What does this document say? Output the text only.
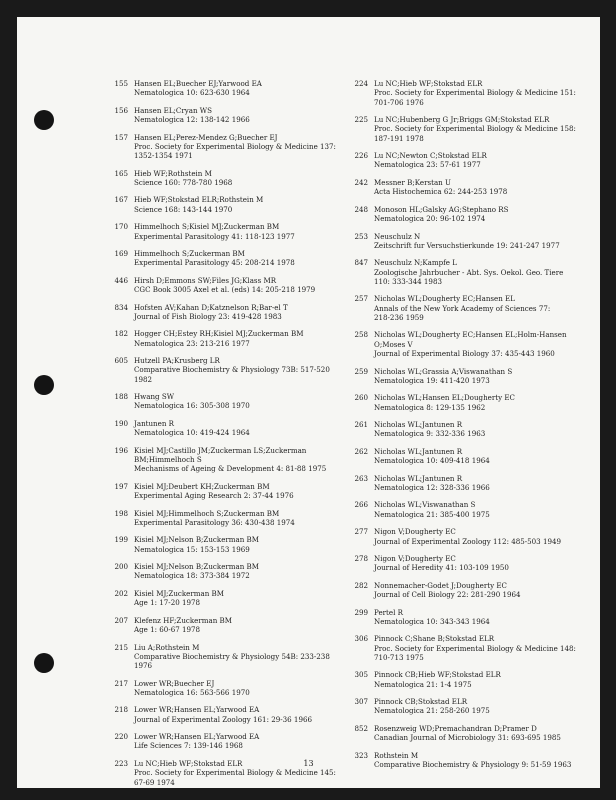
155 Hansen EL;Buecher EJ;Yarwood EA
Nematologica 10: 623-630 1964
156 Hansen EL;Cryan WS
Nematologica 12: 138-142 1966
157 Hansen EL;Perez-Mendez G;Buecher EJ
Proc. Society for Experimental Biology & Medicine 137:
1352-1354 1971
165 Hieb WF;Rothstein M
Science 160: 778-780 1968
167 Hieb WF;Stokstad ELR;Rothstein M
Science 168: 143-144 1970
170 Himmelhoch S;Kisiel MJ;Zuckerman BM
Experimental Parasitology 41: 118-123 1977
169 Himmelhoch S;Zuckerman BM
Experimental Parasitology 45: 208-214 1978
446 Hirsh D;Emmons SW;Files JG;Klass MR
CGC Book 3005 Axel et al. (eds) 14: 205-218 1979
834 Hofsten AV;Kahan D;Katznelson R;Bar-el T
Journal of Fish Biology 23: 419-428 1983
182 Hogger CH;Estey RH;Kisiel MJ;Zuckerman BM
Nematologica 23: 213-216 1977
605 Hutzell PA;Krusberg LR
Comparative Biochemistry & Physiology 73B: 517-520
1982
188 Hwang SW
Nematologica 16: 305-308 1970
190 Jantunen R
Nematologica 10: 419-424 1964
196 Kisiel MJ;Castillo JM;Zuckerman LS;Zuckerman
BM;Himmelhoch S
Mechanisms of Ageing & Development 4: 81-88 1975
197 Kisiel MJ;Deubert KH;Zuckerman BM
Experimental Aging Research 2: 37-44 1976
198 Kisiel MJ;Himmelhoch S;Zuckerman BM
Experimental Parasitology 36: 430-438 1974
199 Kisiel MJ;Nelson B;Zuckerman BM
Nematologica 15: 153-153 1969
200 Kisiel MJ;Nelson B;Zuckerman BM
Nematologica 18: 373-384 1972
202 Kisiel MJ;Zuckerman BM
Age 1: 17-20 1978
207 Klefenz HF;Zuckerman BM
Age 1: 60-67 1978
215 Liu A;Rothstein M
Comparative Biochemistry & Physiology 54B: 233-238
1976
217 Lower WR;Buecher EJ
Nematologica 16: 563-566 1970
218 Lower WR;Hansen EL;Yarwood EA
Journal of Experimental Zoology 161: 29-36 1966
220 Lower WR;Hansen EL;Yarwood EA
Life Sciences 7: 139-146 1968
223 Lu NC;Hieb WF;Stokstad ELR
Proc. Society for Experimental Biology & Medicine 145:
67-69 1974
224 Lu NC;Hieb WF;Stokstad ELR
Proc. Society for Experimental Biology & Medicine 151:
701-706 1976
225 Lu NC;Hubenberg G Jr;Briggs GM;Stokstad ELR
Proc. Society for Experimental Biology & Medicine 158:
187-191 1978
226 Lu NC;Newton C;Stokstad ELR
Nematologica 23: 57-61 1977
242 Messner B;Kerstan U
Acta Histochemica 62: 244-253 1978
248 Monoson HL;Galsky AG;Stephano RS
Nematologica 20: 96-102 1974
253 Neuschulz N
Zeitschrift fur Versuchstierkunde 19: 241-247 1977
847 Neuschulz N;Kampfe L
Zoologische Jahrbucher - Abt. Sys. Oekol. Geo. Tiere
110: 333-344 1983
257 Nicholas WL;Dougherty EC;Hansen EL
Annals of the New York Academy of Sciences 77:
218-236 1959
258 Nicholas WL;Dougherty EC;Hansen EL;Holm-Hansen
O;Moses V
Journal of Experimental Biology 37: 435-443 1960
259 Nicholas WL;Grassia A;Viswanathan S
Nematologica 19: 411-420 1973
260 Nicholas WL;Hansen EL;Dougherty EC
Nematologica 8: 129-135 1962
261 Nicholas WL;Jantunen R
Nematologica 9: 332-336 1963
262 Nicholas WL;Jantunen R
Nematologica 10: 409-418 1964
263 Nicholas WL;Jantunen R
Nematologica 12: 328-336 1966
266 Nicholas WL;Viswanathan S
Nematologica 21: 385-400 1975
277 Nigon V;Dougherty EC
Journal of Experimental Zoology 112: 485-503 1949
278 Nigon V;Dougherty EC
Journal of Heredity 41: 103-109 1950
282 Nonnemacher-Godet J;Dougherty EC
Journal of Cell Biology 22: 281-290 1964
299 Pertel R
Nematologica 10: 343-343 1964
306 Pinnock C;Shane B;Stokstad ELR
Proc. Society for Experimental Biology & Medicine 148:
710-713 1975
305 Pinnock CB;Hieb WF;Stokstad ELR
Nematologica 21: 1-4 1975
307 Pinnock CB;Stokstad ELR
Nematologica 21: 258-260 1975
852 Rosenzweig WD;Premachandran D;Pramer D
Canadian Journal of Microbiology 31: 693-695 1985
323 Rothstein M
Comparative Biochemistry & Physiology 9: 51-59 1963
13
